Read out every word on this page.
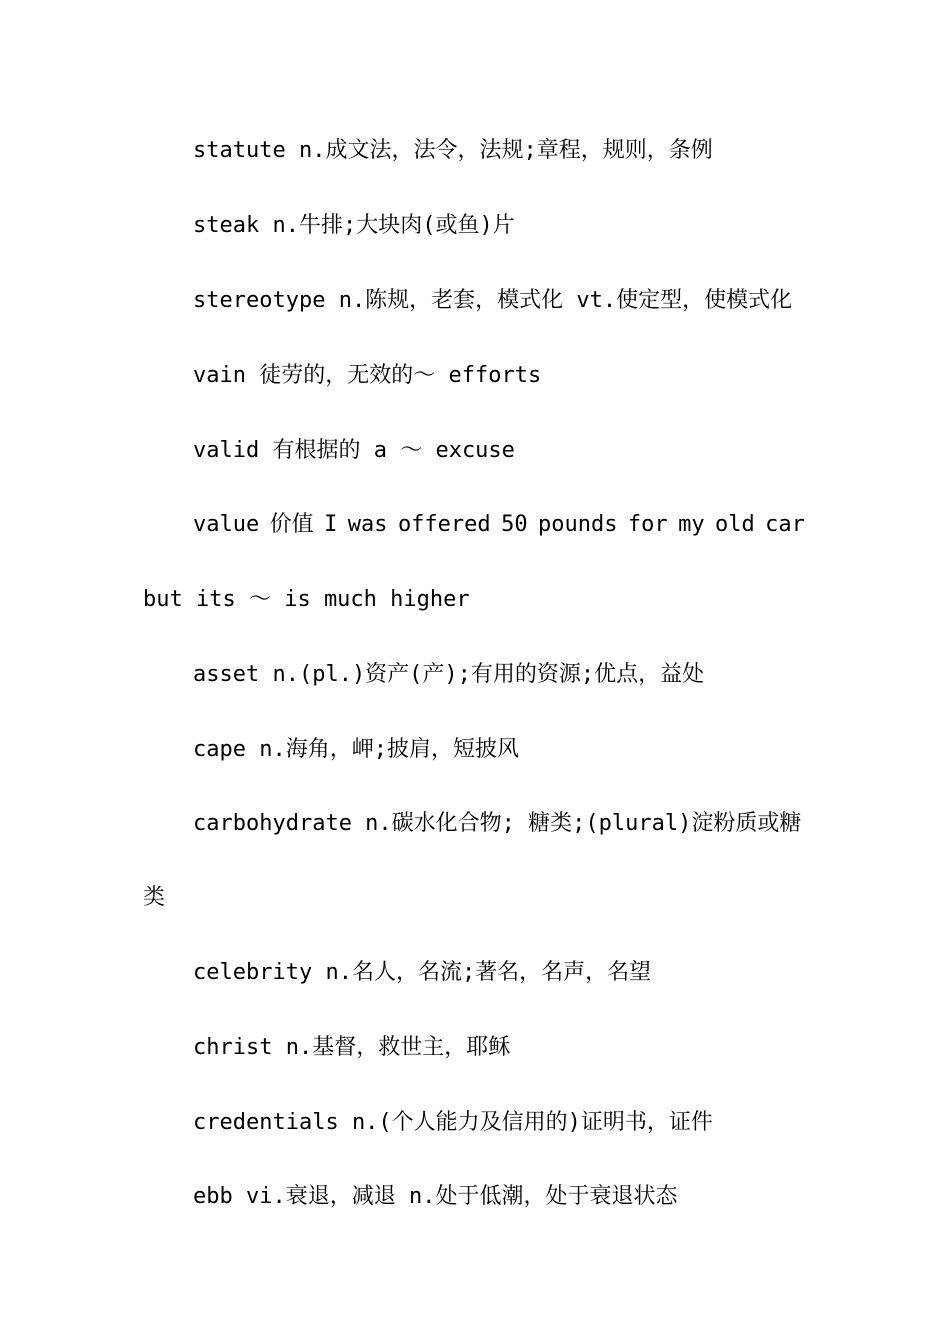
statute n.成文法，法令，法规;章程，规则，条例
steak n.牛排;大块肉(或鱼)片
stereotype n.陈规，老套，模式化 vt.使定型，使模式化
vain 徒劳的，无效的～ efforts
valid 有根据的 a ～ excuse
value 价值 I was offered 50 pounds for my old car
but its ～ is much higher
asset n.(pl.)资产(产);有用的资源;优点，益处
cape n.海角，岬;披肩，短披风
carbohydrate n.碳水化合物; 糖类;(plural)淀粉质或糖
类
celebrity n.名人，名流;著名，名声，名望
christ n.基督，救世主，耶稣
credentials n.(个人能力及信用的)证明书，证件
ebb vi.衰退，减退 n.处于低潮，处于衰退状态
